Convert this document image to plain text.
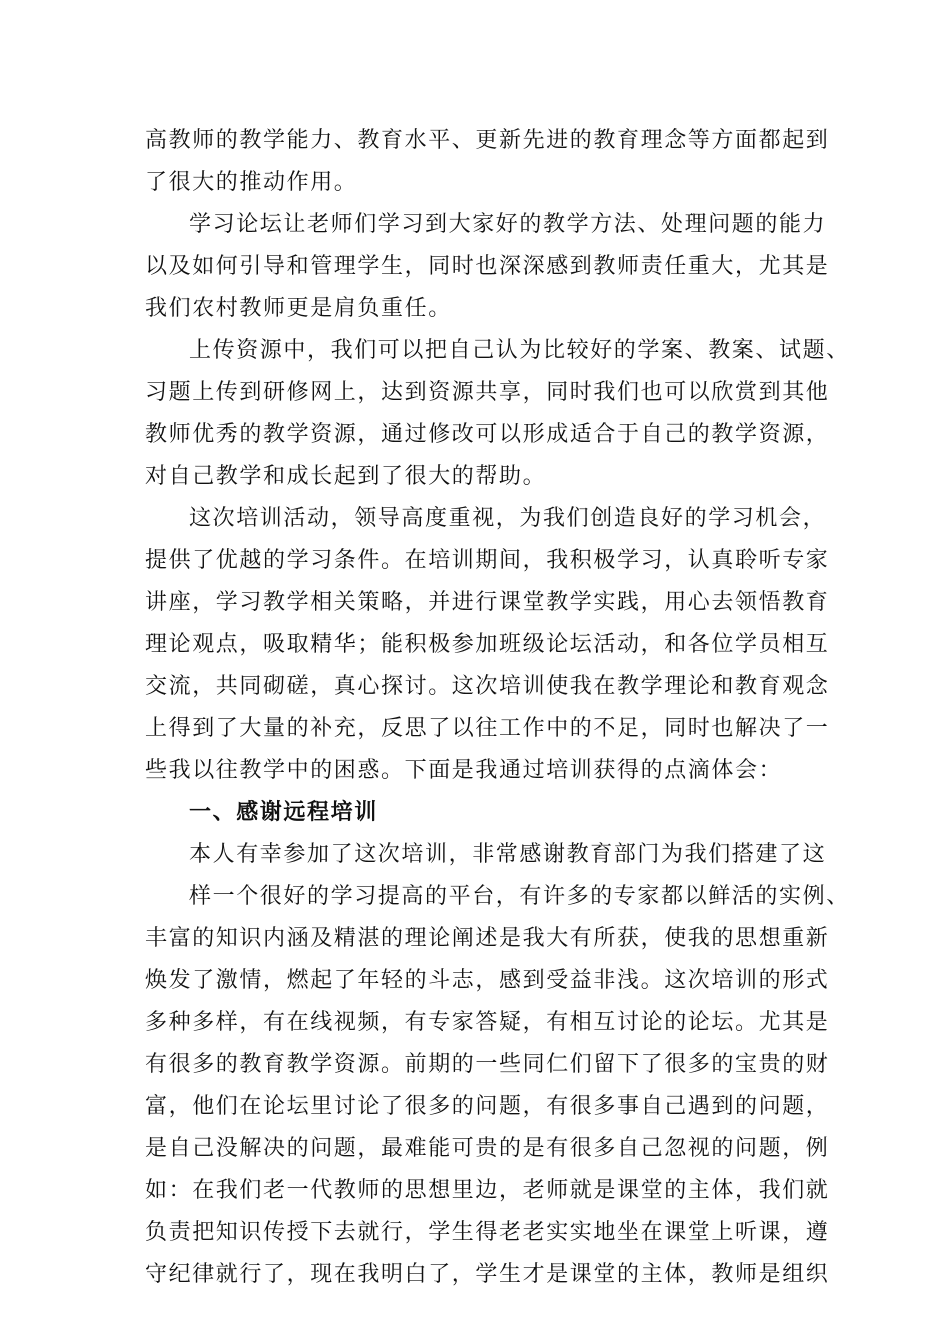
高教师的教学能力、教育水平、更新先进的教育理念等方面都起到
了很大的推动作用。
学习论坛让老师们学习到大家好的教学方法、处理问题的能力
以及如何引导和管理学生，同时也深深感到教师责任重大，尤其是
我们农村教师更是肩负重任。
上传资源中，我们可以把自己认为比较好的学案、教案、试题、
习题上传到研修网上，达到资源共享，同时我们也可以欣赏到其他
教师优秀的教学资源，通过修改可以形成适合于自己的教学资源，
对自己教学和成长起到了很大的帮助。
这次培训活动，领导高度重视，为我们创造良好的学习机会，
提供了优越的学习条件。在培训期间，我积极学习，认真聆听专家
讲座，学习教学相关策略，并进行课堂教学实践，用心去领悟教育
理论观点，吸取精华；能积极参加班级论坛活动，和各位学员相互
交流，共同砌磋，真心探讨。这次培训使我在教学理论和教育观念
上得到了大量的补充，反思了以往工作中的不足，同时也解决了一
些我以往教学中的困惑。下面是我通过培训获得的点滴体会：
一、感谢远程培训
本人有幸参加了这次培训，非常感谢教育部门为我们搭建了这
样一个很好的学习提高的平台，有许多的专家都以鲜活的实例、
丰富的知识内涵及精湛的理论阐述是我大有所获，使我的思想重新
焕发了激情，燃起了年轻的斗志，感到受益非浅。这次培训的形式
多种多样，有在线视频，有专家答疑，有相互讨论的论坛。尤其是
有很多的教育教学资源。前期的一些同仁们留下了很多的宝贵的财
富，他们在论坛里讨论了很多的问题，有很多事自己遇到的问题，
是自己没解决的问题，最难能可贵的是有很多自己忽视的问题，例
如：在我们老一代教师的思想里边，老师就是课堂的主体，我们就
负责把知识传授下去就行，学生得老老实实地坐在课堂上听课，遵
守纪律就行了，现在我明白了，学生才是课堂的主体，教师是组织
